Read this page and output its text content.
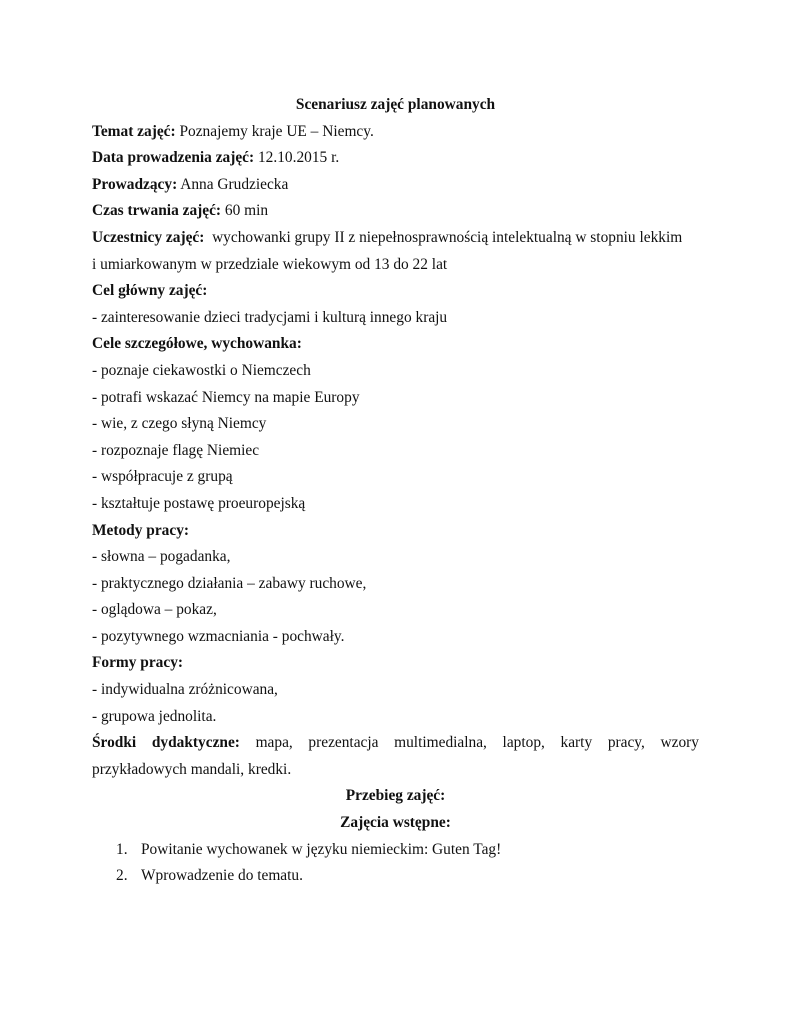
Scenariusz zajęć planowanych
Temat zajęć: Poznajemy kraje UE – Niemcy.
Data prowadzenia zajęć: 12.10.2015 r.
Prowadzący: Anna Grudziecka
Czas trwania zajęć: 60 min
Uczestnicy zajęć:  wychowanki grupy II z niepełnosprawnością intelektualną w stopniu lekkim
i umiarkowanym w przedziale wiekowym od 13 do 22 lat
Cel główny zajęć:
- zainteresowanie dzieci tradycjami i kulturą innego kraju
Cele szczegółowe, wychowanka:
- poznaje ciekawostki o Niemczech
- potrafi wskazać Niemcy na mapie Europy
- wie, z czego słyną Niemcy
- rozpoznaje flagę Niemiec
- współpracuje z grupą
- kształtuje postawę proeuropejską
Metody pracy:
- słowna – pogadanka,
- praktycznego działania – zabawy ruchowe,
- oglądowa – pokaz,
- pozytywnego wzmacniania - pochwały.
Formy pracy:
- indywidualna zróżnicowana,
- grupowa jednolita.
Środki dydaktyczne: mapa, prezentacja multimedialna, laptop, karty pracy, wzory
przykładowych mandali, kredki.
Przebieg zajęć:
Zajęcia wstępne:
1. Powitanie wychowanek w języku niemieckim: Guten Tag!
2. Wprowadzenie do tematu.
